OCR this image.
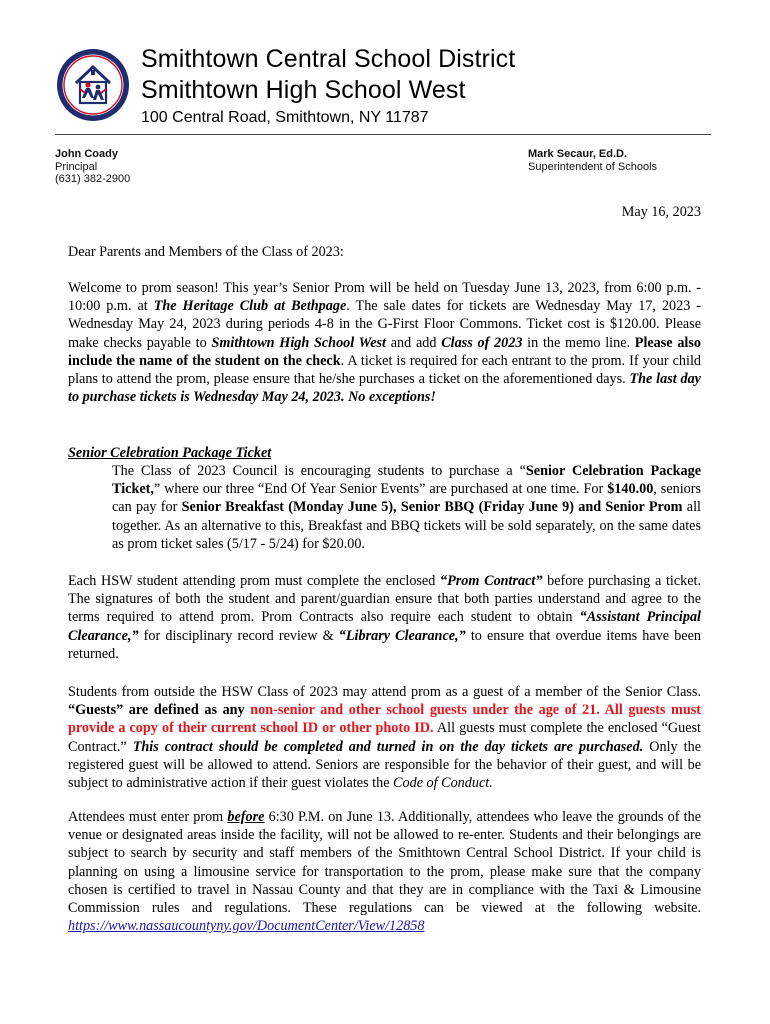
Smithtown Central School District
Smithtown High School West
100 Central Road, Smithtown, NY 11787
John Coady
Principal
(631) 382-2900
Mark Secaur, Ed.D.
Superintendent of Schools
May 16, 2023
Dear Parents and Members of the Class of 2023:

Welcome to prom season! This year’s Senior Prom will be held on Tuesday June 13, 2023, from 6:00 p.m. - 10:00 p.m. at The Heritage Club at Bethpage. The sale dates for tickets are Wednesday May 17, 2023 - Wednesday May 24, 2023 during periods 4-8 in the G-First Floor Commons. Ticket cost is $120.00. Please make checks payable to Smithtown High School West and add Class of 2023 in the memo line. Please also include the name of the student on the check. A ticket is required for each entrant to the prom. If your child plans to attend the prom, please ensure that he/she purchases a ticket on the aforementioned days. The last day to purchase tickets is Wednesday May 24, 2023. No exceptions!

Senior Celebration Package Ticket

The Class of 2023 Council is encouraging students to purchase a “Senior Celebration Package Ticket,” where our three “End Of Year Senior Events” are purchased at one time. For $140.00, seniors can pay for Senior Breakfast (Monday June 5), Senior BBQ (Friday June 9) and Senior Prom all together. As an alternative to this, Breakfast and BBQ tickets will be sold separately, on the same dates as prom ticket sales (5/17 - 5/24) for $20.00.

Each HSW student attending prom must complete the enclosed “Prom Contract” before purchasing a ticket. The signatures of both the student and parent/guardian ensure that both parties understand and agree to the terms required to attend prom. Prom Contracts also require each student to obtain “Assistant Principal Clearance,” for disciplinary record review & “Library Clearance,” to ensure that overdue items have been returned.

Students from outside the HSW Class of 2023 may attend prom as a guest of a member of the Senior Class. “Guests” are defined as any non-senior and other school guests under the age of 21. All guests must provide a copy of their current school ID or other photo ID. All guests must complete the enclosed “Guest Contract.” This contract should be completed and turned in on the day tickets are purchased. Only the registered guest will be allowed to attend. Seniors are responsible for the behavior of their guest, and will be subject to administrative action if their guest violates the Code of Conduct.

Attendees must enter prom before 6:30 P.M. on June 13. Additionally, attendees who leave the grounds of the venue or designated areas inside the facility, will not be allowed to re-enter. Students and their belongings are subject to search by security and staff members of the Smithtown Central School District. If your child is planning on using a limousine service for transportation to the prom, please make sure that the company chosen is certified to travel in Nassau County and that they are in compliance with the Taxi & Limousine Commission rules and regulations. These regulations can be viewed at the following website. https://www.nassaucountyny.gov/DocumentCenter/View/12858
